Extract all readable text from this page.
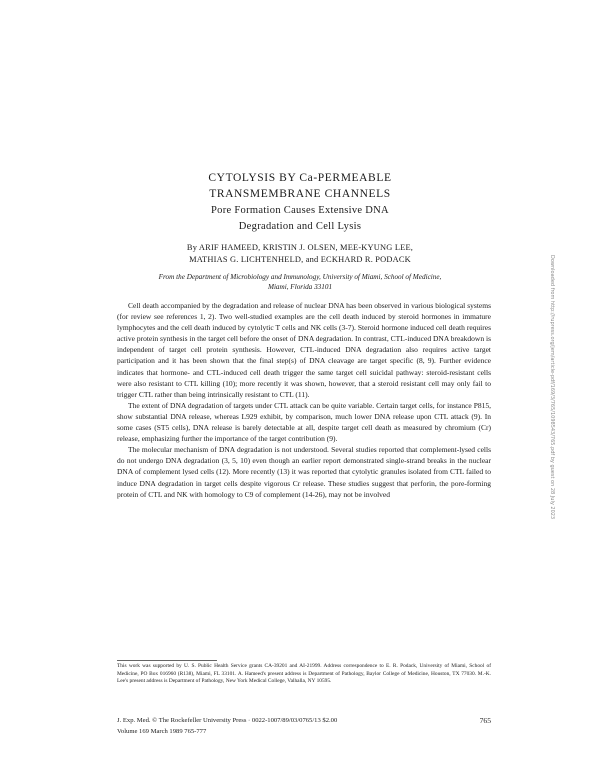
CYTOLYSIS BY Ca-PERMEABLE
TRANSMEMBRANE CHANNELS
Pore Formation Causes Extensive DNA
Degradation and Cell Lysis
By ARIF HAMEED, KRISTIN J. OLSEN, MEE-KYUNG LEE,
MATHIAS G. LICHTENHELD, and ECKHARD R. PODACK
From the Department of Microbiology and Immunology, University of Miami, School of Medicine,
Miami, Florida 33101	Downloaded from http://rupress.org/jem/article-pdf/169/3/765/1098543/765.pdf by guest on 28 July 2023

Cell death accompanied by the degradation and release of nuclear DNA has been observed in various biological systems (for review see references 1, 2). Two well-studied examples are the cell death induced by steroid hormones in immature lymphocytes and the cell death induced by cytolytic T cells and NK cells (3-7). Steroid hormone induced cell death requires active protein synthesis in the target cell before the onset of DNA degradation. In contrast, CTL-induced DNA breakdown is independent of target cell protein synthesis. However, CTL-induced DNA degradation also requires active target participation and it has been shown that the final step(s) of DNA cleavage are target specific (8, 9). Further evidence indicates that hormone- and CTL-induced cell death trigger the same target cell suicidal pathway: steroid-resistant cells were also resistant to CTL killing (10); more recently it was shown, however, that a steroid resistant cell may only fail to trigger CTL rather than being intrinsically resistant to CTL (11).

The extent of DNA degradation of targets under CTL attack can be quite variable. Certain target cells, for instance P815, show substantial DNA release, whereas L929 exhibit, by comparison, much lower DNA release upon CTL attack (9). In some cases (ST5 cells), DNA release is barely detectable at all, despite target cell death as measured by chromium (Cr) release, emphasizing further the importance of the target contribution (9).

The molecular mechanism of DNA degradation is not understood. Several studies reported that complement-lysed cells do not undergo DNA degradation (3, 5, 10) even though an earlier report demonstrated single-strand breaks in the nuclear DNA of complement lysed cells (12). More recently (13) it was reported that cytolytic granules isolated from CTL failed to induce DNA degradation in target cells despite vigorous Cr release. These studies suggest that perforin, the pore-forming protein of CTL and NK with homology to C9 of complement (14-26), may not be involved

This work was supported by U. S. Public Health Service grants CA-39201 and AI-21999. Address correspondence to E. R. Podack, University of Miami, School of Medicine, PO Box 016960 (R138), Miami, FL 33101. A. Hameed's present address is Department of Pathology, Baylor College of Medicine, Houston, TX 77030. M.-K. Lee's present address is Department of Pathology, New York Medical College, Valhalla, NY 10595.
J. Exp. Med. © The Rockefeller University Press · 0022-1007/89/03/0765/13 $2.00	765
Volume 169 March 1989 765-777
